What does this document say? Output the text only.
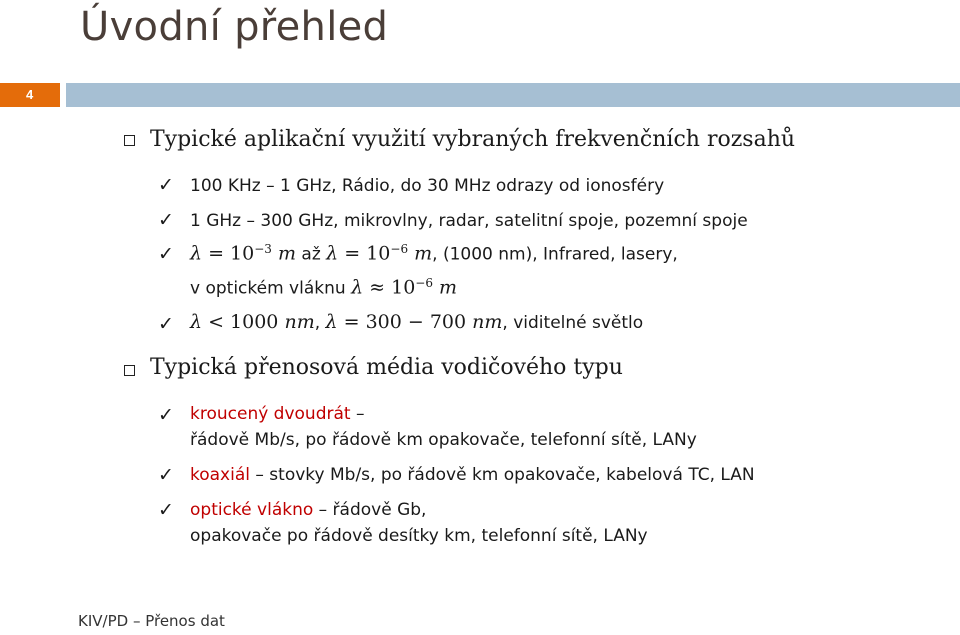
Úvodní přehled
4
Typické aplikační využití vybraných frekvenčních rozsahů
✓ 100 KHz – 1 GHz, Rádio, do 30 MHz odrazy od ionosféry
✓ 1 GHz – 300 GHz, mikrovlny, radar, satelitní spoje, pozemní spoje
✓ $\lambda = 10^{-3}$ m až $\lambda = 10^{-6}$ m, (1000 nm), Infrared, lasery,
v optickém vláknu $\lambda \approx 10^{-6}$ m
✓ λ < 1000 nm, λ = 300 − 700 nm, viditelné světlo
Typická přenosová média vodičového typu
✓ kroucený dvoudrát –
řádově Mb/s, po řádově km opakovače, telefonní sítě, LANy
✓ koaxiál – stovky Mb/s, po řádově km opakovače, kabelová TC, LAN
✓ optické vlákno – řádově Gb,
opakovače po řádově desítky km, telefonní sítě, LANy
KIV/PD – Přenos dat
